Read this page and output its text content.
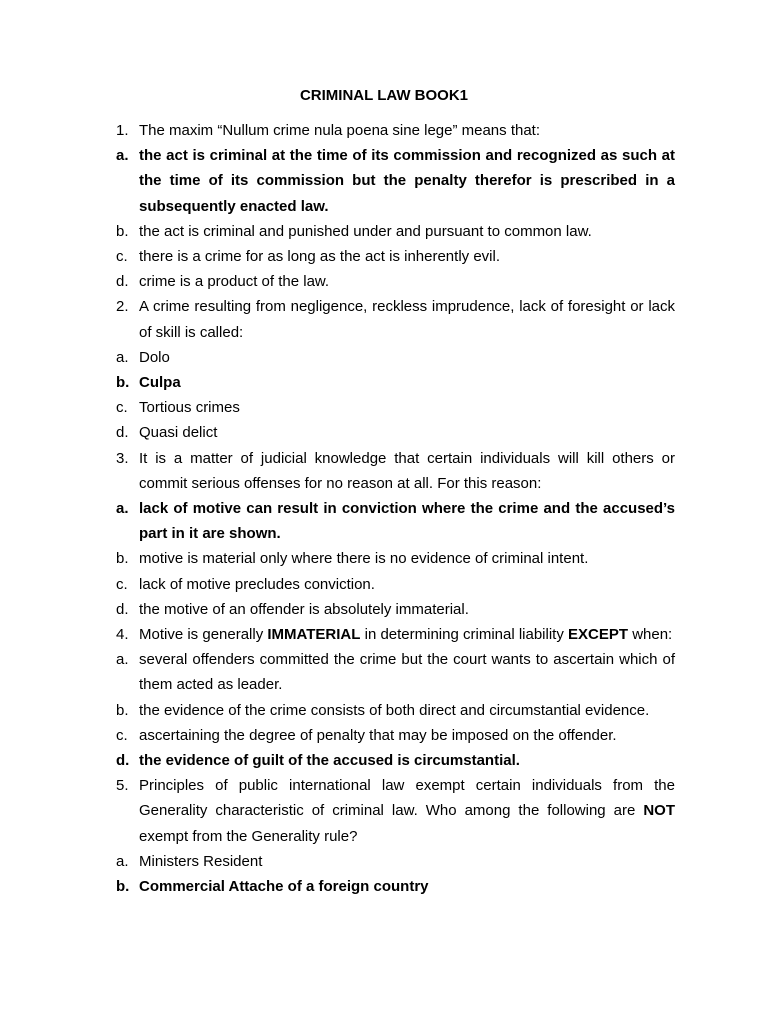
CRIMINAL LAW BOOK1
1. The maxim “Nullum crime nula poena sine lege” means that:
a. the act is criminal at the time of its commission and recognized as such at the time of its commission but the penalty therefor is prescribed in a subsequently enacted law.
b. the act is criminal and punished under and pursuant to common law.
c. there is a crime for as long as the act is inherently evil.
d. crime is a product of the law.
2. A crime resulting from negligence, reckless imprudence, lack of foresight or lack of skill is called:
a. Dolo
b. Culpa
c. Tortious crimes
d. Quasi delict
3. It is a matter of judicial knowledge that certain individuals will kill others or commit serious offenses for no reason at all. For this reason:
a. lack of motive can result in conviction where the crime and the accused’s part in it are shown.
b. motive is material only where there is no evidence of criminal intent.
c. lack of motive precludes conviction.
d. the motive of an offender is absolutely immaterial.
4. Motive is generally IMMATERIAL in determining criminal liability EXCEPT when:
a. several offenders committed the crime but the court wants to ascertain which of them acted as leader.
b. the evidence of the crime consists of both direct and circumstantial evidence.
c. ascertaining the degree of penalty that may be imposed on the offender.
d. the evidence of guilt of the accused is circumstantial.
5. Principles of public international law exempt certain individuals from the Generality characteristic of criminal law. Who among the following are NOT exempt from the Generality rule?
a. Ministers Resident
b. Commercial Attache of a foreign country
